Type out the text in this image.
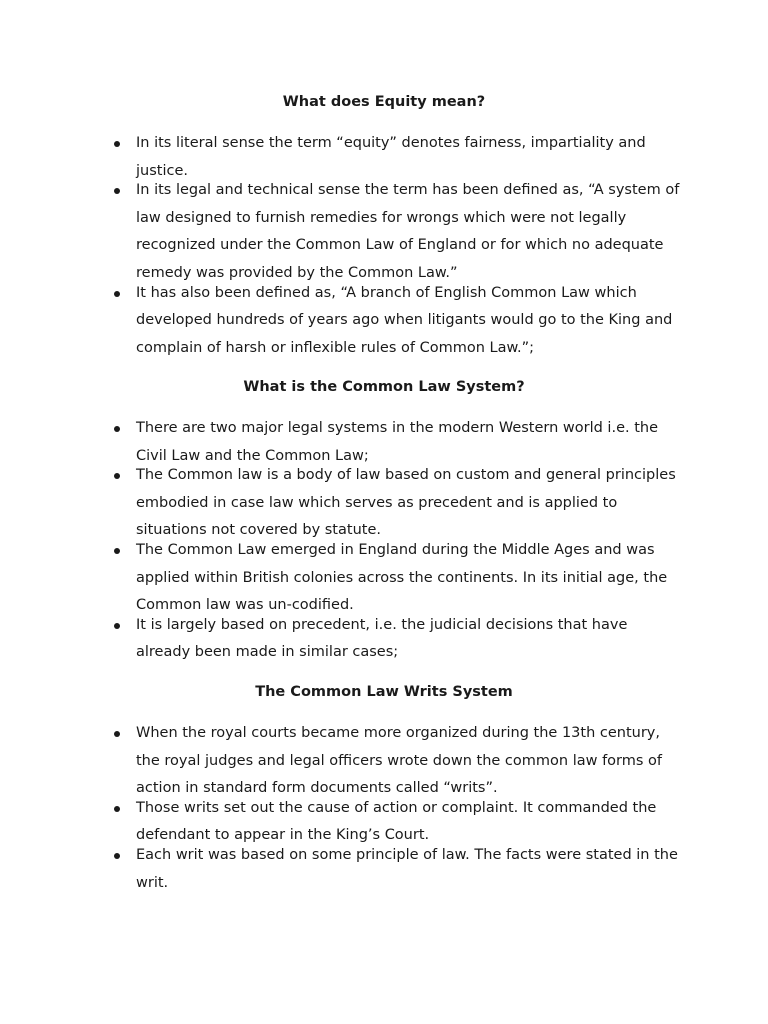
What does Equity mean?
In its literal sense the term “equity” denotes fairness, impartiality and justice.
In its legal and technical sense the term has been defined as, “A system of law designed to furnish remedies for wrongs which were not legally recognized under the Common Law of England or for which no adequate remedy was provided by the Common Law.”
It has also been defined as, “A branch of English Common Law which developed hundreds of years ago when litigants would go to the King and complain of harsh or inflexible rules of Common Law.”;
What is the Common Law System?
There are two major legal systems in the modern Western world i.e. the Civil Law and the Common Law;
The Common law is a body of law based on custom and general principles embodied in case law which serves as precedent and is applied to situations not covered by statute.
The Common Law emerged in England during the Middle Ages and was applied within British colonies across the continents. In its initial age, the Common law was un-codified.
It is largely based on precedent, i.e. the judicial decisions that have already been made in similar cases;
The Common Law Writs System
When the royal courts became more organized during the 13th century, the royal judges and legal officers wrote down the common law forms of action in standard form documents called “writs”.
Those writs set out the cause of action or complaint. It commanded the defendant to appear in the King’s Court.
Each writ was based on some principle of law. The facts were stated in the writ.
